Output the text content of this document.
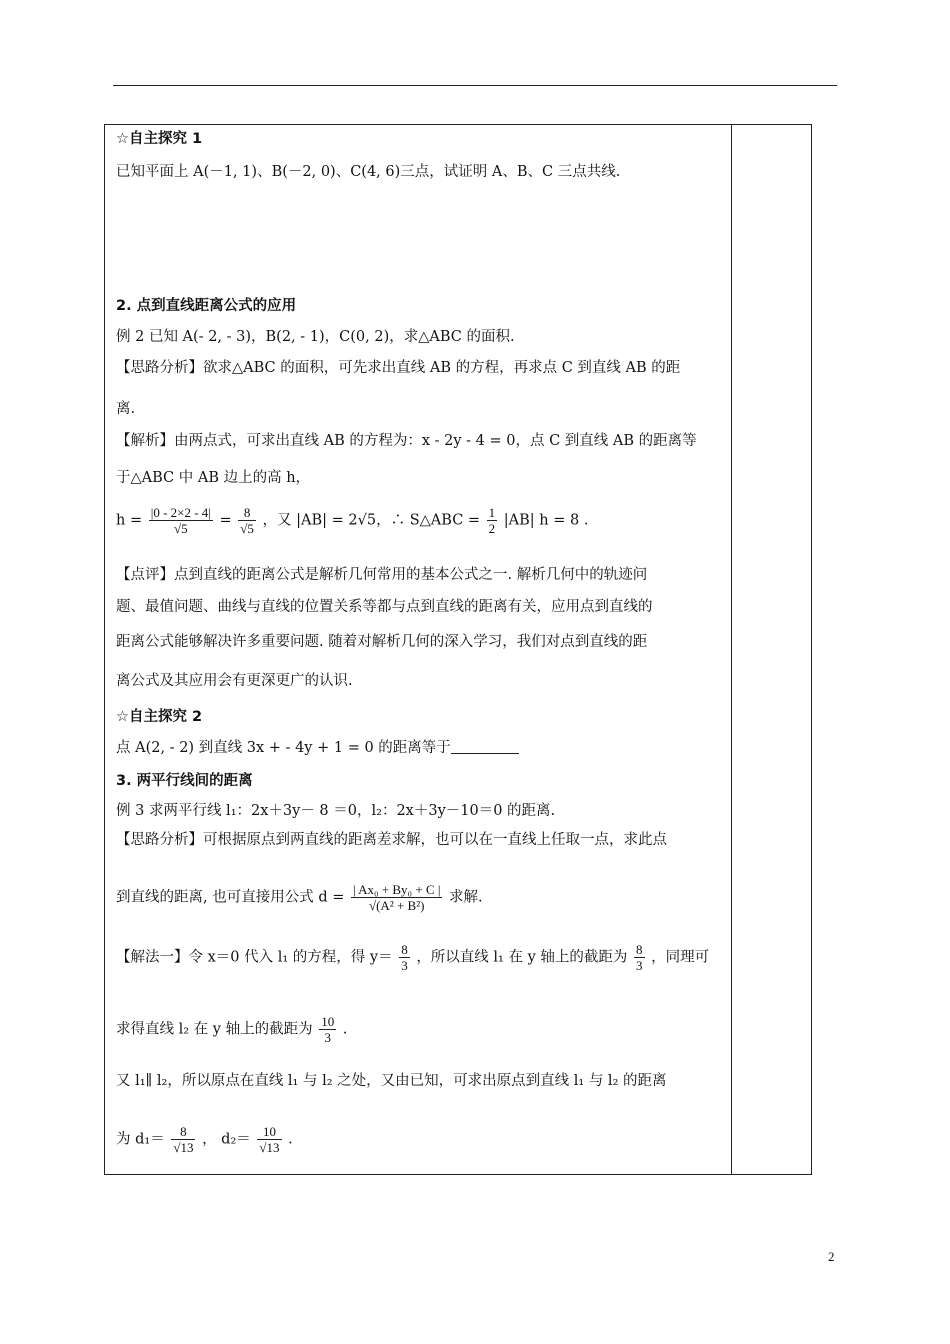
☆自主探究 1
已知平面上 A(－1, 1)、B(－2, 0)、C(4, 6)三点，试证明 A、B、C 三点共线.
2. 点到直线距离公式的应用
例 2 已知 A(- 2, - 3)，B(2, - 1)，C(0, 2)，求△ABC 的面积.
【思路分析】欲求△ABC 的面积，可先求出直线 AB 的方程，再求点 C 到直线 AB 的距
离.
【解析】由两点式，可求出直线 AB 的方程为：x - 2y - 4 = 0，点 C 到直线 AB 的距离等
于△ABC 中 AB 边上的高 h，
$h = \frac{|0 - 2\times 2 - 4|}{√5} = \frac{8}{√5}$ ，又 |AB| = 2√5，∴ S△ABC = $\frac{1}{2} |AB|$ h = 8 .
【点评】点到直线的距离公式是解析几何常用的基本公式之一. 解析几何中的轨迹问
题、最值问题、曲线与直线的位置关系等都与点到直线的距离有关，应用点到直线的
距离公式能够解决许多重要问题. 随着对解析几何的深入学习，我们对点到直线的距
离公式及其应用会有更深更广的认识.
☆自主探究 2
点 A(2, - 2) 到直线 3x + - 4y + 1 = 0 的距离等于
3. 两平行线间的距离
例 3 求两平行线 l₁：2x＋3y－ 8 ＝0，l₂：2x＋3y－10＝0 的距离.
【思路分析】可根据原点到两直线的距离差求解，也可以在一直线上任取一点，求此点
到直线的距离, 也可直接用公式 $d = \frac{\text{| Ax₀ + By₀ + C |}}{\text{√(A² + B²)}}$ 求解.
【解法一】令 x＝0 代入 l₁ 的方程，得 $y= \frac{8}{3}$ ，所以直线 l₁ 在 y 轴上的截距为 $\frac{8}{3}$ ，同理可
求得直线 l₂ 在 y 轴上的截距为 $\frac{10}{3}$ .
又 l₁∥ l₂，所以原点在直线 l₁ 与 l₂ 之处，又由已知，可求出原点到直线 l₁ 与 l₂ 的距离
为 $d_1= \frac{8}{√13}$ ， $d_2= \frac{10}{√13}$ .
2
